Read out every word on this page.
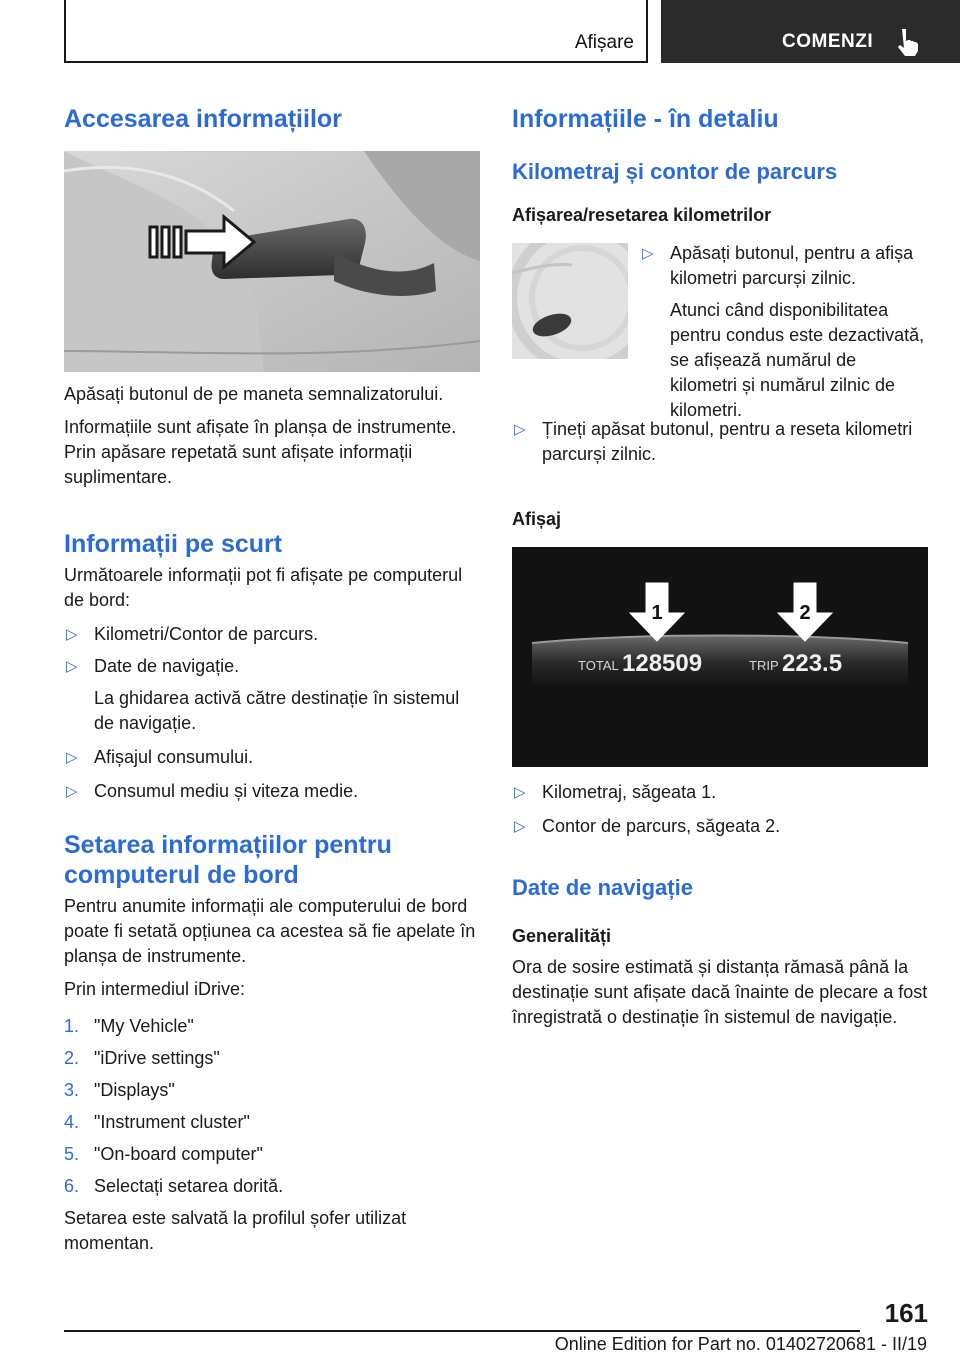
Afișare	COMENZI
Accesarea informațiilor

Apăsați butonul de pe maneta semnalizatorului.

Informațiile sunt afișate în planșa de instrumente. Prin apăsare repetată sunt afișate informații suplimentare.

Informații pe scurt

Următoarele informații pot fi afișate pe computerul de bord:

▷ Kilometri/Contor de parcurs.
▷ Date de navigație.
La ghidarea activă către destinație în sistemul de navigație.
▷ Afișajul consumului.
▷ Consumul mediu și viteza medie.
Setarea informațiilor pentru
computerul de bord

Pentru anumite informații ale computerului de bord poate fi setată opțiunea ca acestea să fie apelate în planșa de instrumente.

Prin intermediul iDrive:

1. "My Vehicle"
2. "iDrive settings"
3. "Displays"
4. "Instrument cluster"
5. "On-board computer"
6. Selectați setarea dorită.

Setarea este salvată la profilul șofer utilizat momentan.

Informațiile - în detaliu
Kilometraj și contor de parcurs
Afișarea/resetarea kilometrilor
▷ Apăsați butonul, pentru a afișa kilometri parcurși zilnic.
Atunci când disponibilitatea pentru condus este dezactivată, se afișează numărul de kilometri și numărul zilnic de kilometri.
▷ Țineți apăsat butonul, pentru a reseta kilometri parcurși zilnic.
Afișaj
1	2
TOTAL 128509	TRIP 223.5
▷ Kilometraj, săgeata 1.
▷ Contor de parcurs, săgeata 2.
Date de navigație
Generalități

Ora de sosire estimată și distanța rămasă până la destinație sunt afișate dacă înainte de plecare a fost înregistrată o destinație în sistemul de navigație.

161
Online Edition for Part no. 01402720681 - II/19
